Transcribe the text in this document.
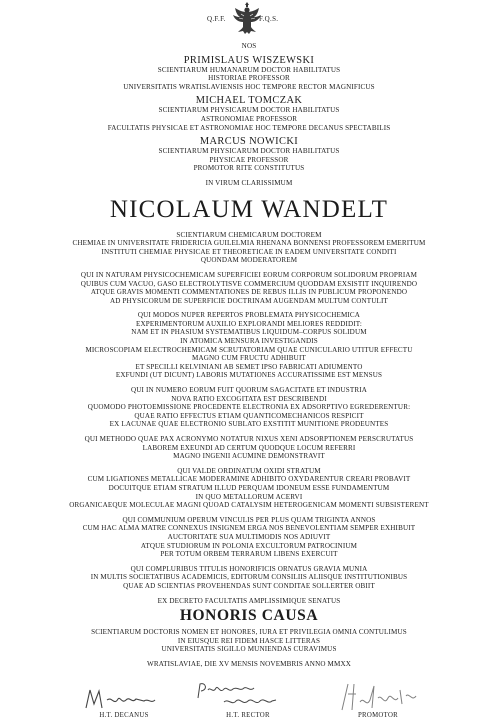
Q.F.F.	F.Q.S.
NOS
PRIMISLAUS WISZEWSKI
SCIENTIARUM HUMANARUM DOCTOR HABILITATUS
HISTORIAE PROFESSOR
UNIVERSITATIS WRATISLAVIENSIS HOC TEMPORE RECTOR MAGNIFICUS
MICHAEL TOMCZAK
SCIENTIARUM PHYSICARUM DOCTOR HABILITATUS
ASTRONOMIAE PROFESSOR
FACULTATIS PHYSICAE ET ASTRONOMIAE HOC TEMPORE DECANUS SPECTABILIS
MARCUS NOWICKI
SCIENTIARUM PHYSICARUM DOCTOR HABILITATUS
PHYSICAE PROFESSOR
PROMOTOR RITE CONSTITUTUS
IN VIRUM CLARISSIMUM
NICOLAUM WANDELT
SCIENTIARUM CHEMICARUM DOCTOREM
CHEMIAE IN UNIVERSITATE FRIDERICIA GUILELMIA RHENANA BONNENSI PROFESSOREM EMERITUM
INSTITUTI CHEMIAE PHYSICAE ET THEORETICAE IN EADEM UNIVERSITATE CONDITI
QUONDAM MODERATOREM
QUI IN NATURAM PHYSICOCHEMICAM SUPERFICIEI EORUM CORPORUM SOLIDORUM PROPRIAM
QUIBUS CUM VACUO, GASO ELECTROLYTISVE COMMERCIUM QUODDAM EXSISTIT INQUIRENDO
ATQUE GRAVIS MOMENTI COMMENTATIONES DE REBUS ILLIS IN PUBLICUM PROPONENDO
AD PHYSICORUM DE SUPERFICIE DOCTRINAM AUGENDAM MULTUM CONTULIT
QUI MODOS NUPER REPERTOS PROBLEMATA PHYSICOCHEMICA
EXPERIMENTORUM AUXILIO EXPLORANDI MELIORES REDDIDIT:
NAM ET IN PHASIUM SYSTEMATIBUS LIQUIDUM–CORPUS SOLIDUM
IN ATOMICA MENSURA INVESTIGANDIS
MICROSCOPIAM ELECTROCHEMICAM SCRUTATORIAM QUAE CUNICULARIO UTITUR EFFECTU
MAGNO CUM FRUCTU ADHIBUIT
ET SPECILLI KELVINIANI AB SEMET IPSO FABRICATI ADIUMENTO
EXFUNDI (UT DICUNT) LABORIS MUTATIONES ACCURATISSIME EST MENSUS
QUI IN NUMERO EORUM FUIT QUORUM SAGACITATE ET INDUSTRIA
NOVA RATIO EXCOGITATA EST DESCRIBENDI
QUOMODO PHOTOEMISSIONE PROCEDENTE ELECTRONIA EX ADSORPTIVO EGREDERENTUR:
QUAE RATIO EFFECTUS ETIAM QUANTICOMECHANICOS RESPICIT
EX LACUNAE QUAE ELECTRONIO SUBLATO EXSTITIT MUNITIONE PRODEUNTES
QUI METHODO QUAE PAX ACRONYMO NOTATUR NIXUS XENI ADSORPTIONEM PERSCRUTATUS
LABOREM EXEUNDI AD CERTUM QUODQUE LOCUM REFERRI
MAGNO INGENII ACUMINE DEMONSTRAVIT
QUI VALDE ORDINATUM OXIDI STRATUM
CUM LIGATIONES METALLICAE MODERAMINE ADHIBITO OXYDARENTUR CREARI PROBAVIT
DOCUITQUE ETIAM STRATUM ILLUD PERQUAM IDONEUM ESSE FUNDAMENTUM
IN QUO METALLORUM ACERVI
ORGANICAEQUE MOLECULAE MAGNI QUOAD CATALYSIM HETEROGENICAM MOMENTI SUBSISTERENT
QUI COMMUNIUM OPERUM VINCULIS PER PLUS QUAM TRIGINTA ANNOS
CUM HAC ALMA MATRE CONNEXUS INSIGNEM ERGA NOS BENEVOLENTIAM SEMPER EXHIBUIT
AUCTORITATE SUA MULTIMODIS NOS ADIUVIT
ATQUE STUDIORUM IN POLONIA EXCULTORUM PATROCINIUM
PER TOTUM ORBEM TERRARUM LIBENS EXERCUIT
QUI COMPLURIBUS TITULIS HONORIFICIS ORNATUS GRAVIA MUNIA
IN MULTIS SOCIETATIBUS ACADEMICIS, EDITORUM CONSILIIS ALIISQUE INSTITUTIONIBUS
QUAE AD SCIENTIAS PROVEHENDAS SUNT CONDITAE SOLLERTER OBIIT
EX DECRETO FACULTATIS AMPLISSIMIQUE SENATUS
HONORIS CAUSA
SCIENTIARUM DOCTORIS NOMEN ET HONORES, IURA ET PRIVILEGIA OMNIA CONTULIMUS
IN EIUSQUE REI FIDEM HASCE LITTERAS
UNIVERSITATIS SIGILLO MUNIENDAS CURAVIMUS
WRATISLAVIAE, DIE XV MENSIS NOVEMBRIS ANNO MMXX
H.T. DECANUS	H.T. RECTOR	PROMOTOR
